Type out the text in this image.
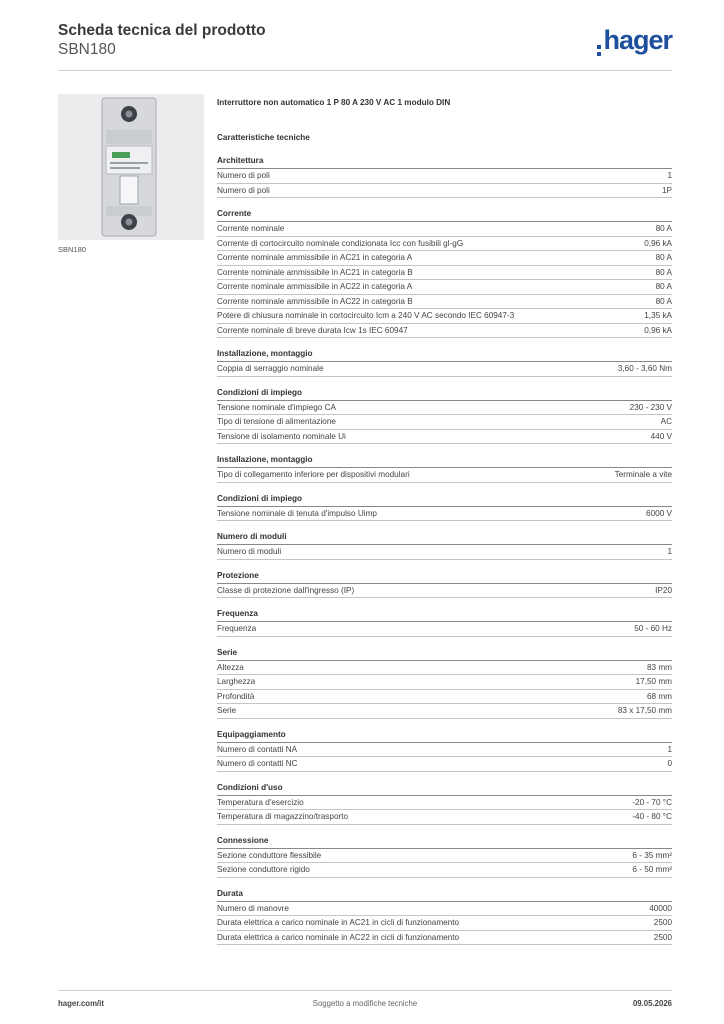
Scheda tecnica del prodotto
SBN180	hager
SBN180
Interruttore non automatico 1 P 80 A 230 V AC 1 modulo DIN
Caratteristiche tecniche
Architettura
Numero di poli	1
Numero di poli	1P
Corrente
Corrente nominale	80 A
Corrente di cortocircuito nominale condizionata Icc con fusibili gl-gG	0,96 kA
Corrente nominale ammissibile in AC21 in categoria A	80 A
Corrente nominale ammissibile in AC21 in categoria B	80 A
Corrente nominale ammissibile in AC22 in categoria A	80 A
Corrente nominale ammissibile in AC22 in categoria B	80 A
Potere di chiusura nominale in cortocircuito Icm a 240 V AC secondo IEC 60947-3	1,35 kA
Corrente nominale di breve durata Icw 1s IEC 60947	0,96 kA
Installazione, montaggio
Coppia di serraggio nominale	3,60 - 3,60 Nm
Condizioni di impiego
Tensione nominale d'impiego CA	230 - 230 V
Tipo di tensione di alimentazione	AC
Tensione di isolamento nominale Ui	440 V
Installazione, montaggio
Tipo di collegamento inferiore per dispositivi modulari	Terminale a vite
Condizioni di impiego
Tensione nominale di tenuta d'impulso Uimp	6000 V
Numero di moduli
Numero di moduli	1
Protezione
Classe di protezione dall'ingresso (IP)	IP20
Frequenza
Frequenza	50 - 60 Hz
Serie
Altezza	83 mm
Larghezza	17,50 mm
Profondità	68 mm
Serie	83 x 17,50 mm
Equipaggiamento
Numero di contatti NA	1
Numero di contatti NC	0
Condizioni d'uso
Temperatura d'esercizio	-20 - 70 °C
Temperatura di magazzino/trasporto	-40 - 80 °C
Connessione
Sezione conduttore flessibile	6 - 35 mm²
Sezione conduttore rigido	6 - 50 mm²
Durata
Numero di manovre	40000
Durata elettrica a carico nominale in AC21 in cicli di funzionamento	2500
Durata elettrica a carico nominale in AC22 in cicli di funzionamento	2500
hager.com/it	Soggetto a modifiche tecniche	09.05.2026
